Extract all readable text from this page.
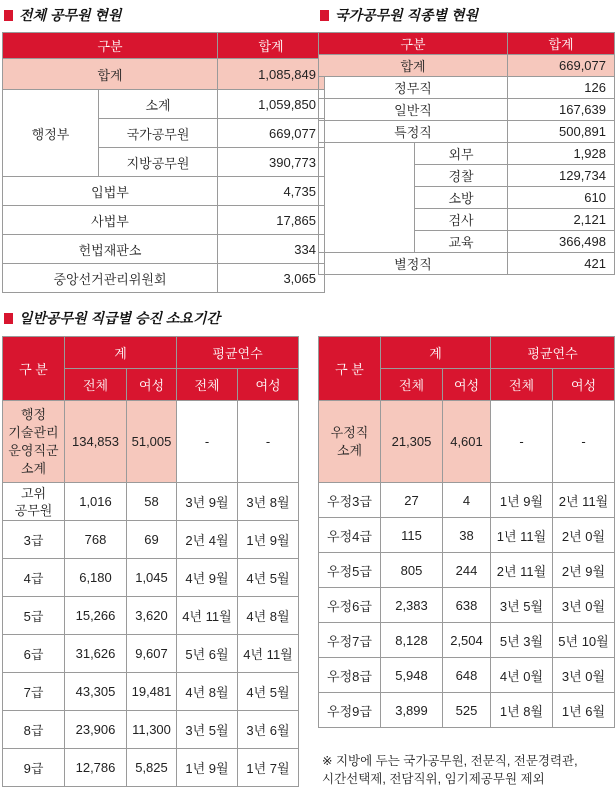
전체 공무원 현원
구분		합계
합계		1,085,849
행정부	소계	1,059,850
	국가공무원	669,077
	지방공무원	390,773
입법부		4,735
사법부		17,865
헌법재판소		334
중앙선거관리위원회		3,065
국가공무원 직종별 현원
구분		합계
합계		669,077
정무직		126
일반직		167,639
특정직		500,891
	외무	1,928
	경찰	129,734
	소방	610
	검사	2,121
	교육	366,498
별정직		421
일반공무원 직급별 승진 소요기간
구 분	계		평균연수	
	전체	여성	전체	여성

행정
기술관리
운영직군
소계	134,853	51,005	-	-

고위
공무원	1,016	58	3년 9월	3년 8월
3급	768	69	2년 4월	1년 9월
4급	6,180	1,045	4년 9월	4년 5월
5급	15,266	3,620	4년 11월	4년 8월
6급	31,626	9,607	5년 6월	4년 11월
7급	43,305	19,481	4년 8월	4년 5월
8급	23,906	11,300	3년 5월	3년 6월
9급	12,786	5,825	1년 9월	1년 7월
구 분	계		평균연수	
	전체	여성	전체	여성

우정직
소계	21,305	4,601	-	-
우정3급	27	4	1년 9월	2년 11월
우정4급	115	38	1년 11월	2년 0월
우정5급	805	244	2년 11월	2년 9월
우정6급	2,383	638	3년 5월	3년 0월
우정7급	8,128	2,504	5년 3월	5년 10월
우정8급	5,948	648	4년 0월	3년 0월
우정9급	3,899	525	1년 8월	1년 6월
※ 지방에 두는 국가공무원, 전문직, 전문경력관,
시간선택제, 전담직위, 임기제공무원 제외
